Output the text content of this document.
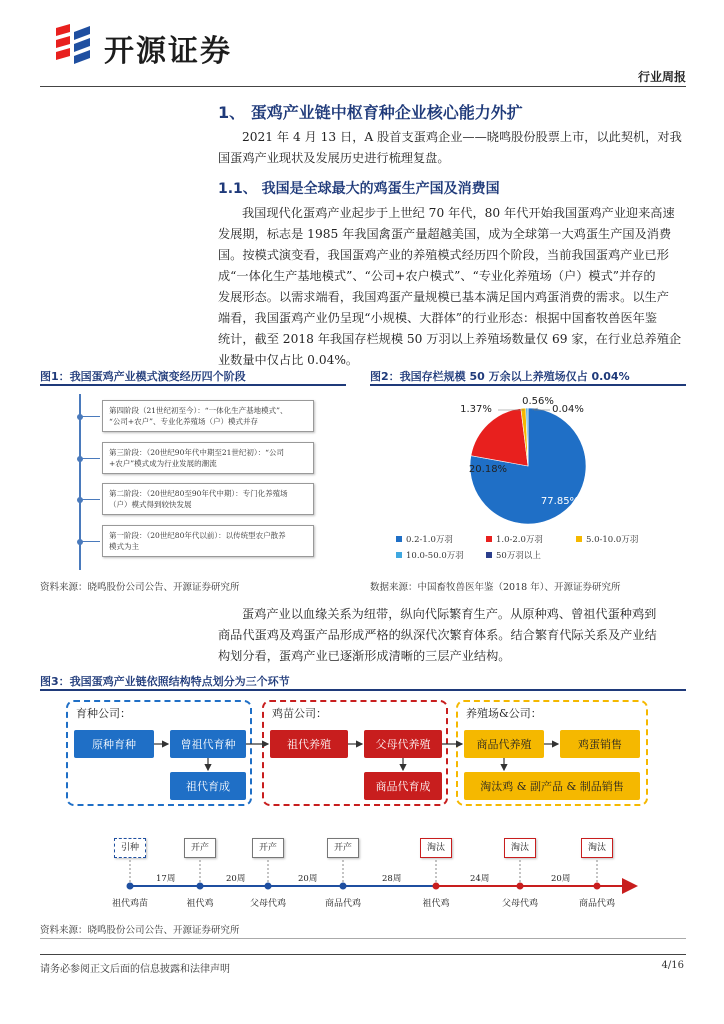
开源证券
行业周报
1、 蛋鸡产业链中枢育种企业核心能力外扩
2021 年 4 月 13 日，A 股首支蛋鸡企业——晓鸣股份股票上市，以此契机，对我
国蛋鸡产业现状及发展历史进行梳理复盘。
1.1、 我国是全球最大的鸡蛋生产国及消费国
我国现代化蛋鸡产业起步于上世纪 70 年代，80 年代开始我国蛋鸡产业迎来高速
发展期，标志是 1985 年我国禽蛋产量超越美国，成为全球第一大鸡蛋生产国及消费
国。按模式演变看，我国蛋鸡产业的养殖模式经历四个阶段，当前我国蛋鸡产业已形
成“一体化生产基地模式”、“公司+农户模式”、“专业化养殖场（户）模式”并存的
发展形态。以需求端看，我国鸡蛋产量规模已基本满足国内鸡蛋消费的需求。以生产
端看，我国蛋鸡产业仍呈现“小规模、大群体”的行业形态：根据中国畜牧兽医年鉴
统计，截至 2018 年我国存栏规模 50 万羽以上养殖场数量仅 69 家，在行业总养殖企
业数量中仅占比 0.04%。
图1：我国蛋鸡产业模式演变经历四个阶段
第四阶段（21世纪初至今）：“一体化生产基地模式”、
“公司+农户”、专业化养殖场（户）模式并存
第三阶段：（20世纪90年代中期至21世纪初）：“公司
+农户”模式成为行业发展的潮流
第二阶段：（20世纪80至90年代中期）：专门化养殖场
（户）模式得到较快发展
第一阶段：（20世纪80年代以前）：以传统型农户散养
模式为主
资料来源：晓鸣股份公司公告、开源证券研究所
图2：我国存栏规模 50 万余以上养殖场仅占 0.04%
77.85%
20.18%
1.37%
0.56%
0.04%
0.2-1.0万羽	1.0-2.0万羽	5.0-10.0万羽
10.0-50.0万羽	50万羽以上
数据来源：中国畜牧兽医年鉴（2018 年）、开源证券研究所
蛋鸡产业以血缘关系为纽带，纵向代际繁育生产。从原种鸡、曾祖代蛋种鸡到
商品代蛋鸡及鸡蛋产品形成严格的纵深代次繁育体系。结合繁育代际关系及产业结
构划分看，蛋鸡产业已逐渐形成清晰的三层产业结构。
图3：我国蛋鸡产业链依照结构特点划分为三个环节
育种公司：
原种育种	曾祖代育种
祖代育成
鸡苗公司：
祖代养殖	父母代养殖
商品代育成
养殖场&公司：
商品代养殖	鸡蛋销售
淘汰鸡 & 副产品 & 制品销售
引种	开产	开产	开产	淘汰	淘汰	淘汰
17周	20周	20周	28周	24周	20周
祖代鸡苗	祖代鸡	父母代鸡	商品代鸡	祖代鸡	父母代鸡	商品代鸡
资料来源：晓鸣股份公司公告、开源证券研究所
请务必参阅正文后面的信息披露和法律声明	4/16
